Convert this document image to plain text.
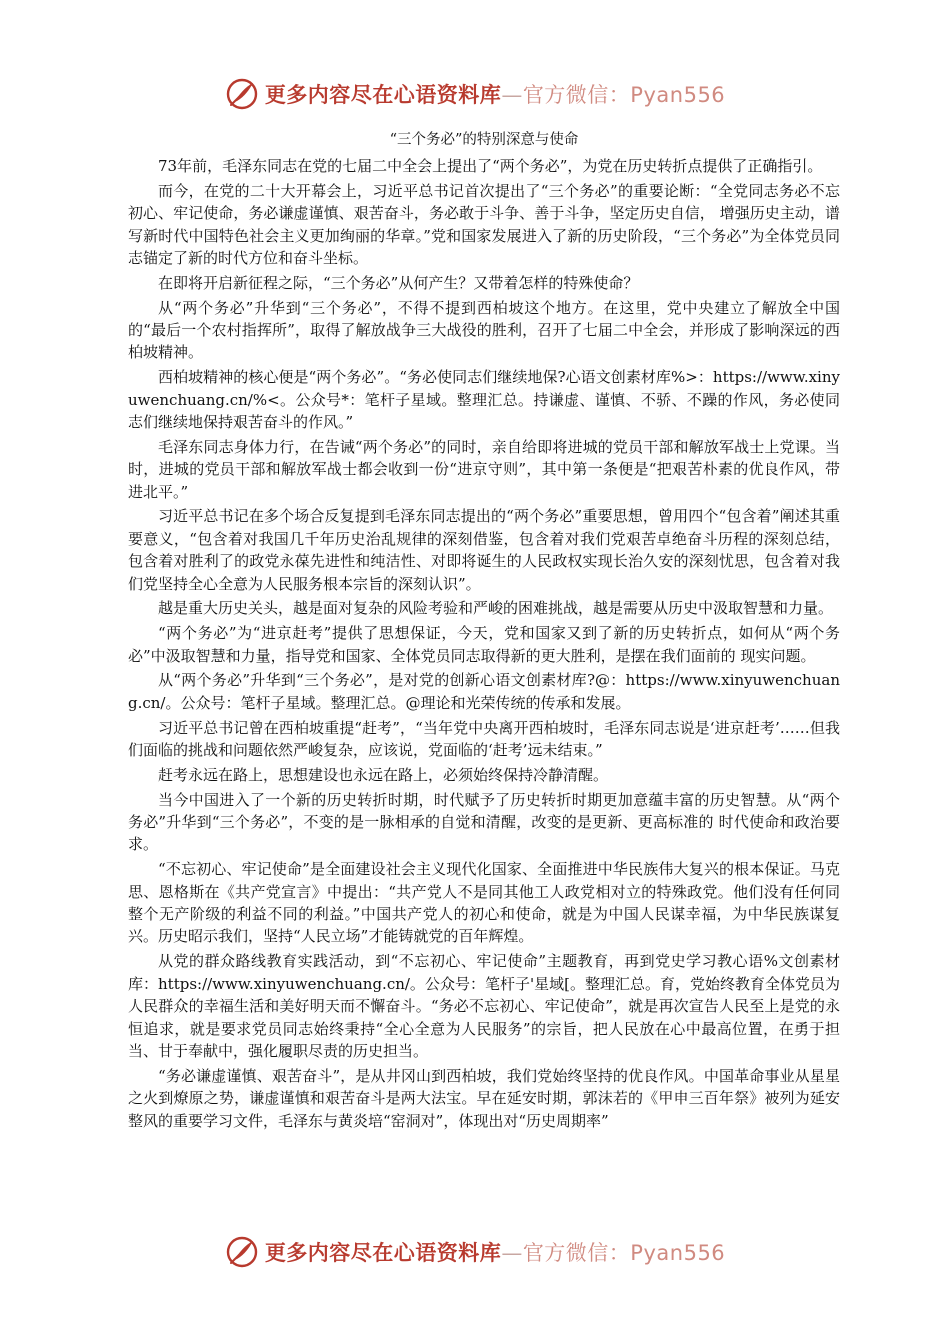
更多内容尽在心语资料库—官方微信：Pyan556
“三个务必”的特别深意与使命

73年前，毛泽东同志在党的七届二中全会上提出了“两个务必”，为党在历史转折点提供了正确指引。

而今，在党的二十大开幕会上，习近平总书记首次提出了“三个务必”的重要论断：“全党同志务必不忘初心、牢记使命，务必谦虚谨慎、艰苦奋斗，务必敢于斗争、善于斗争，坚定历史自信， 增强历史主动，谱写新时代中国特色社会主义更加绚丽的华章。”党和国家发展进入了新的历史阶段，“三个务必”为全体党员同志锚定了新的时代方位和奋斗坐标。

在即将开启新征程之际，“三个务必”从何产生？又带着怎样的特殊使命？

从“两个务必”升华到“三个务必”，不得不提到西柏坡这个地方。在这里，党中央建立了解放全中国的“最后一个农村指挥所”，取得了解放战争三大战役的胜利，召开了七届二中全会，并形成了影响深远的西柏坡精神。

西柏坡精神的核心便是“两个务必”。“务必使同志们继续地保?心语文创素材库%>：https://www.xinyuwenchuang.cn/%<。公众号*：笔杆子星域。整理汇总。持谦虚、谨慎、不骄、不躁的作风，务必使同志们继续地保持艰苦奋斗的作风。”

毛泽东同志身体力行，在告诫“两个务必”的同时，亲自给即将进城的党员干部和解放军战士上党课。当时，进城的党员干部和解放军战士都会收到一份“进京守则”，其中第一条便是“把艰苦朴素的优良作风，带进北平。”

习近平总书记在多个场合反复提到毛泽东同志提出的“两个务必”重要思想，曾用四个“包含着”阐述其重要意义，“包含着对我国几千年历史治乱规律的深刻借鉴，包含着对我们党艰苦卓绝奋斗历程的深刻总结，包含着对胜利了的政党永葆先进性和纯洁性、对即将诞生的人民政权实现长治久安的深刻忧思，包含着对我们党坚持全心全意为人民服务根本宗旨的深刻认识”。

越是重大历史关头，越是面对复杂的风险考验和严峻的困难挑战，越是需要从历史中汲取智慧和力量。

“两个务必”为“进京赶考”提供了思想保证，今天，党和国家又到了新的历史转折点，如何从“两个务必”中汲取智慧和力量，指导党和国家、全体党员同志取得新的更大胜利，是摆在我们面前的 现实问题。

从“两个务必”升华到“三个务必”，是对党的创新心语文创素材库?@：https://www.xinyuwenchuang.cn/。公众号：笔杆子星域。整理汇总。@理论和光荣传统的传承和发展。

习近平总书记曾在西柏坡重提“赶考”，“当年党中央离开西柏坡时，毛泽东同志说是‘进京赶考’……但我们面临的挑战和问题依然严峻复杂，应该说，党面临的‘赶考’远未结束。”

赶考永远在路上，思想建设也永远在路上，必须始终保持冷静清醒。

当今中国进入了一个新的历史转折时期，时代赋予了历史转折时期更加意蕴丰富的历史智慧。从“两个务必”升华到“三个务必”，不变的是一脉相承的自觉和清醒，改变的是更新、更高标准的 时代使命和政治要求。

“不忘初心、牢记使命”是全面建设社会主义现代化国家、全面推进中华民族伟大复兴的根本保证。马克思、恩格斯在《共产党宣言》中提出：“共产党人不是同其他工人政党相对立的特殊政党。他们没有任何同整个无产阶级的利益不同的利益。”中国共产党人的初心和使命，就是为中国人民谋幸福，为中华民族谋复兴。历史昭示我们，坚持“人民立场”才能铸就党的百年辉煌。

从党的群众路线教育实践活动，到“不忘初心、牢记使命”主题教育，再到党史学习教心语%文创素材库：https://www.xinyuwenchuang.cn/。公众号：笔杆子'星域[。整理汇总。育，党始终教育全体党员为人民群众的幸福生活和美好明天而不懈奋斗。“务必不忘初心、牢记使命”，就是再次宣告人民至上是党的永恒追求，就是要求党员同志始终秉持“全心全意为人民服务”的宗旨，把人民放在心中最高位置，在勇于担当、甘于奉献中，强化履职尽责的历史担当。

“务必谦虚谨慎、艰苦奋斗”，是从井冈山到西柏坡，我们党始终坚持的优良作风。中国革命事业从星星之火到燎原之势，谦虚谨慎和艰苦奋斗是两大法宝。早在延安时期，郭沫若的《甲申三百年祭》被列为延安整风的重要学习文件，毛泽东与黄炎培“窑洞对”，体现出对“历史周期率”

更多内容尽在心语资料库—官方微信：Pyan556
